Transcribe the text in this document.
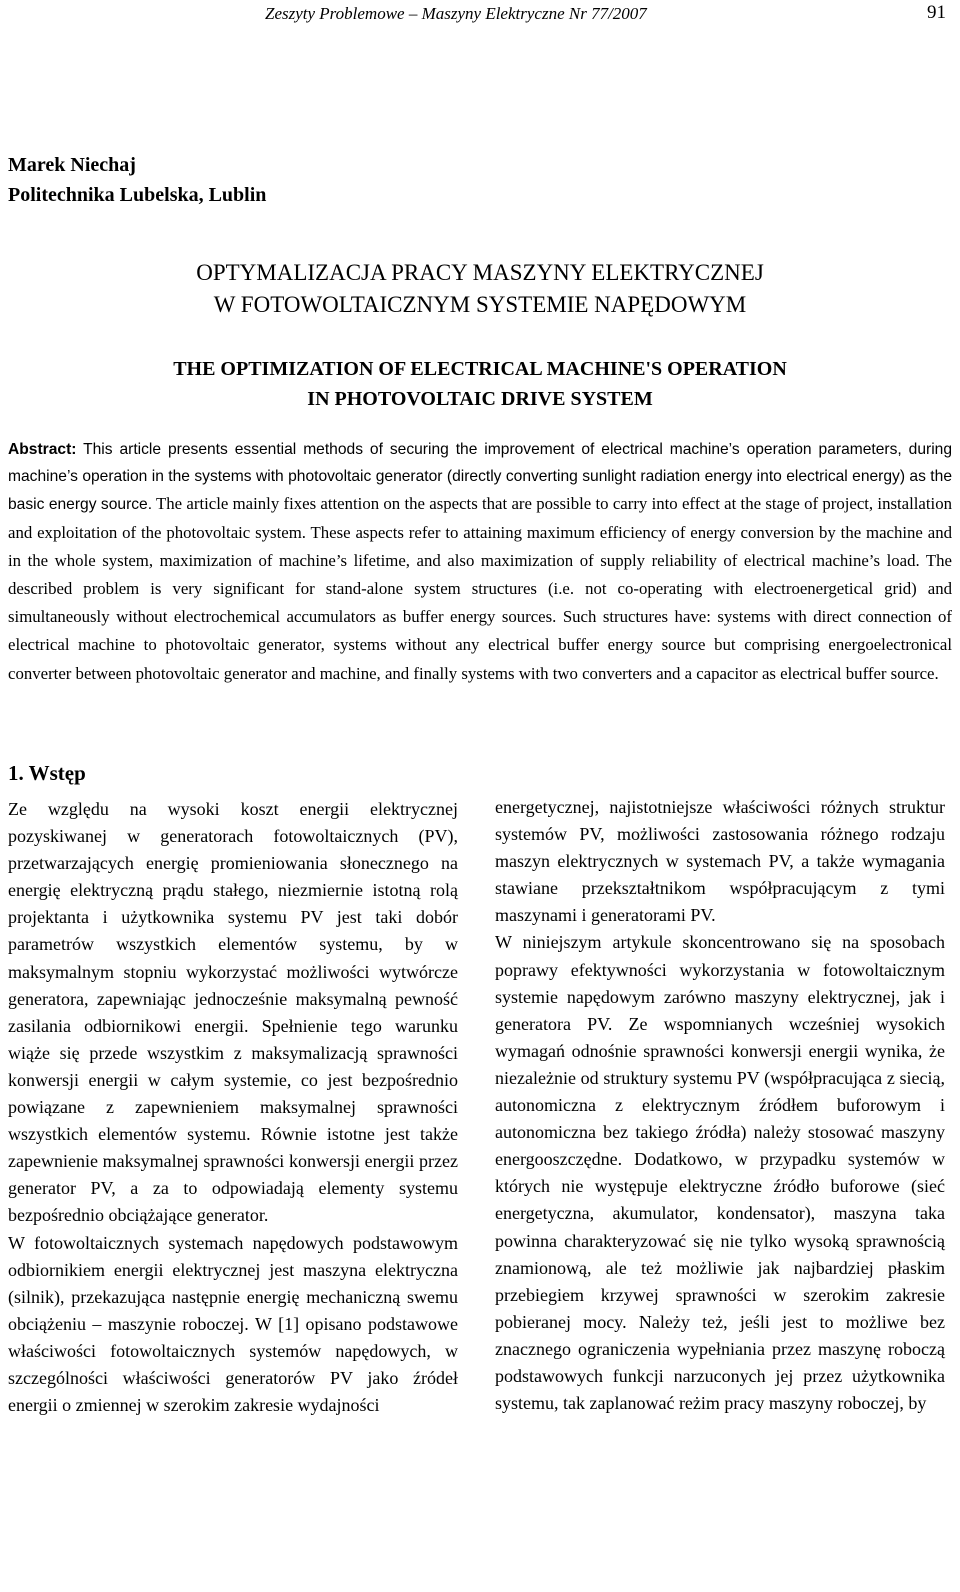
Zeszyty Problemowe – Maszyny Elektryczne Nr 77/2007	91
Marek Niechaj
Politechnika Lubelska, Lublin
OPTYMALIZACJA PRACY MASZYNY ELEKTRYCZNEJ
W FOTOWOLTAICZNYM SYSTEMIE NAPĘDOWYM
THE OPTIMIZATION OF ELECTRICAL MACHINE'S OPERATION
IN PHOTOVOLTAIC DRIVE SYSTEM
Abstract: This article presents essential methods of securing the improvement of electrical machine’s operation parameters, during machine’s operation in the systems with photovoltaic generator (directly converting sunlight radiation energy into electrical energy) as the basic energy source. The article mainly fixes attention on the aspects that are possible to carry into effect at the stage of project, installation and exploitation of the photovoltaic system. These aspects refer to attaining maximum efficiency of energy conversion by the machine and in the whole system, maximization of machine’s lifetime, and also maximization of supply reliability of electrical machine’s load. The described problem is very significant for stand-alone system structures (i.e. not co-operating with electroenergetical grid) and simultaneously without electrochemical accumulators as buffer energy sources. Such structures have: systems with direct connection of electrical machine to photovoltaic generator, systems without any electrical buffer energy source but comprising energoelectronical converter between photovoltaic generator and machine, and finally systems with two converters and a capacitor as electrical buffer source.
1. Wstęp

Ze względu na wysoki koszt energii elektrycznej pozyskiwanej w generatorach fotowoltaicznych (PV), przetwarzających energię promieniowania słonecznego na energię elektryczną prądu stałego, niezmiernie istotną rolą projektanta i użytkownika systemu PV jest taki dobór parametrów wszystkich elementów systemu, by w maksymalnym stopniu wykorzystać możliwości wytwórcze generatora, zapewniając jednocześnie maksymalną pewność zasilania odbiornikowi energii. Spełnienie tego warunku wiąże się przede wszystkim z maksymalizacją sprawności konwersji energii w całym systemie, co jest bezpośrednio powiązane z zapewnieniem maksymalnej sprawności wszystkich elementów systemu. Równie istotne jest także zapewnienie maksymalnej sprawności konwersji energii przez generator PV, a za to odpowiadają elementy systemu bezpośrednio obciążające generator.

W fotowoltaicznych systemach napędowych podstawowym odbiornikiem energii elektrycznej jest maszyna elektryczna (silnik), przekazująca następnie energię mechaniczną swemu obciążeniu – maszynie roboczej. W [1] opisano podstawowe właściwości fotowoltaicznych systemów napędowych, w szczególności właściwości generatorów PV jako źródeł energii o zmiennej w szerokim zakresie wydajności

energetycznej, najistotniejsze właściwości różnych struktur systemów PV, możliwości zastosowania różnego rodzaju maszyn elektrycznych w systemach PV, a także wymagania stawiane przekształtnikom współpracującym z tymi maszynami i generatorami PV.

W niniejszym artykule skoncentrowano się na sposobach poprawy efektywności wykorzystania w fotowoltaicznym systemie napędowym zarówno maszyny elektrycznej, jak i generatora PV. Ze wspomnianych wcześniej wysokich wymagań odnośnie sprawności konwersji energii wynika, że niezależnie od struktury systemu PV (współpracująca z siecią, autonomiczna z elektrycznym źródłem buforowym i autonomiczna bez takiego źródła) należy stosować maszyny energooszczędne. Dodatkowo, w przypadku systemów w których nie występuje elektryczne źródło buforowe (sieć energetyczna, akumulator, kondensator), maszyna taka powinna charakteryzować się nie tylko wysoką sprawnością znamionową, ale też możliwie jak najbardziej płaskim przebiegiem krzywej sprawności w szerokim zakresie pobieranej mocy. Należy też, jeśli jest to możliwe bez znacznego ograniczenia wypełniania przez maszynę roboczą podstawowych funkcji narzuconych jej przez użytkownika systemu, tak zaplanować reżim pracy maszyny roboczej, by
